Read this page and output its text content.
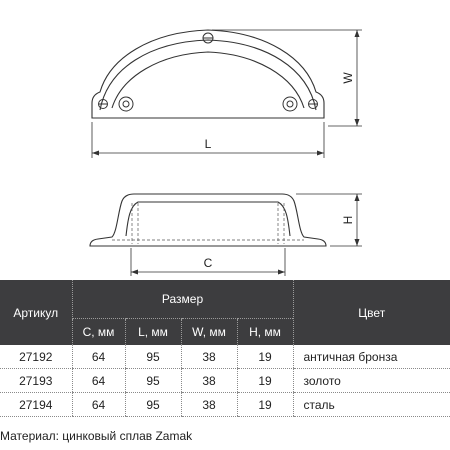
L
W
C
H
Артикул	Размер				Цвет
	C, мм	L, мм	W, мм	H, мм	
27192	64	95	38	19	античная бронза
27193	64	95	38	19	золото
27194	64	95	38	19	сталь
Материал: цинковый сплав Zamak
